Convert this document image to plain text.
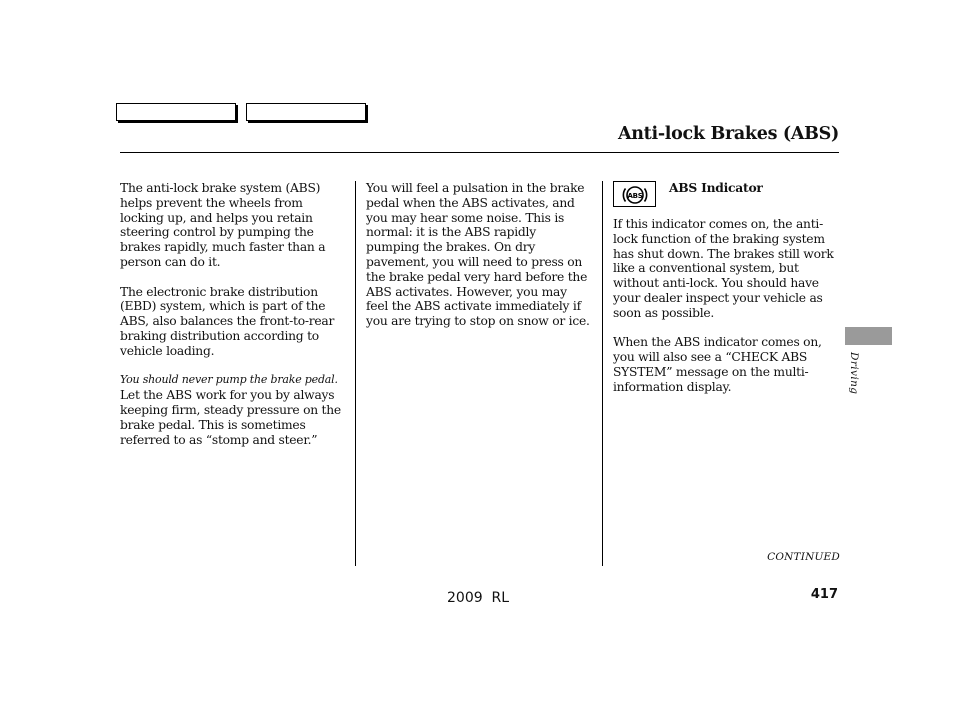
Anti-lock Brakes (ABS)

The anti-lock brake system (ABS)
helps prevent the wheels from
locking up, and helps you retain
steering control by pumping the
brakes rapidly, much faster than a
person can do it.

The electronic brake distribution
(EBD) system, which is part of the
ABS, also balances the front-to-rear
braking distribution according to
vehicle loading.

You should never pump the brake pedal.
Let the ABS work for you by always
keeping firm, steady pressure on the
brake pedal. This is sometimes
referred to as “stomp and steer.”

You will feel a pulsation in the brake
pedal when the ABS activates, and
you may hear some noise. This is
normal: it is the ABS rapidly
pumping the brakes. On dry
pavement, you will need to press on
the brake pedal very hard before the
ABS activates. However, you may
feel the ABS activate immediately if
you are trying to stop on snow or ice.

ABS
ABS Indicator

If this indicator comes on, the anti-
lock function of the braking system
has shut down. The brakes still work
like a conventional system, but
without anti-lock. You should have
your dealer inspect your vehicle as
soon as possible.

When the ABS indicator comes on,
you will also see a “CHECK ABS
SYSTEM” message on the multi-
information display.	Driving
CONTINUED
2009  RL	417
